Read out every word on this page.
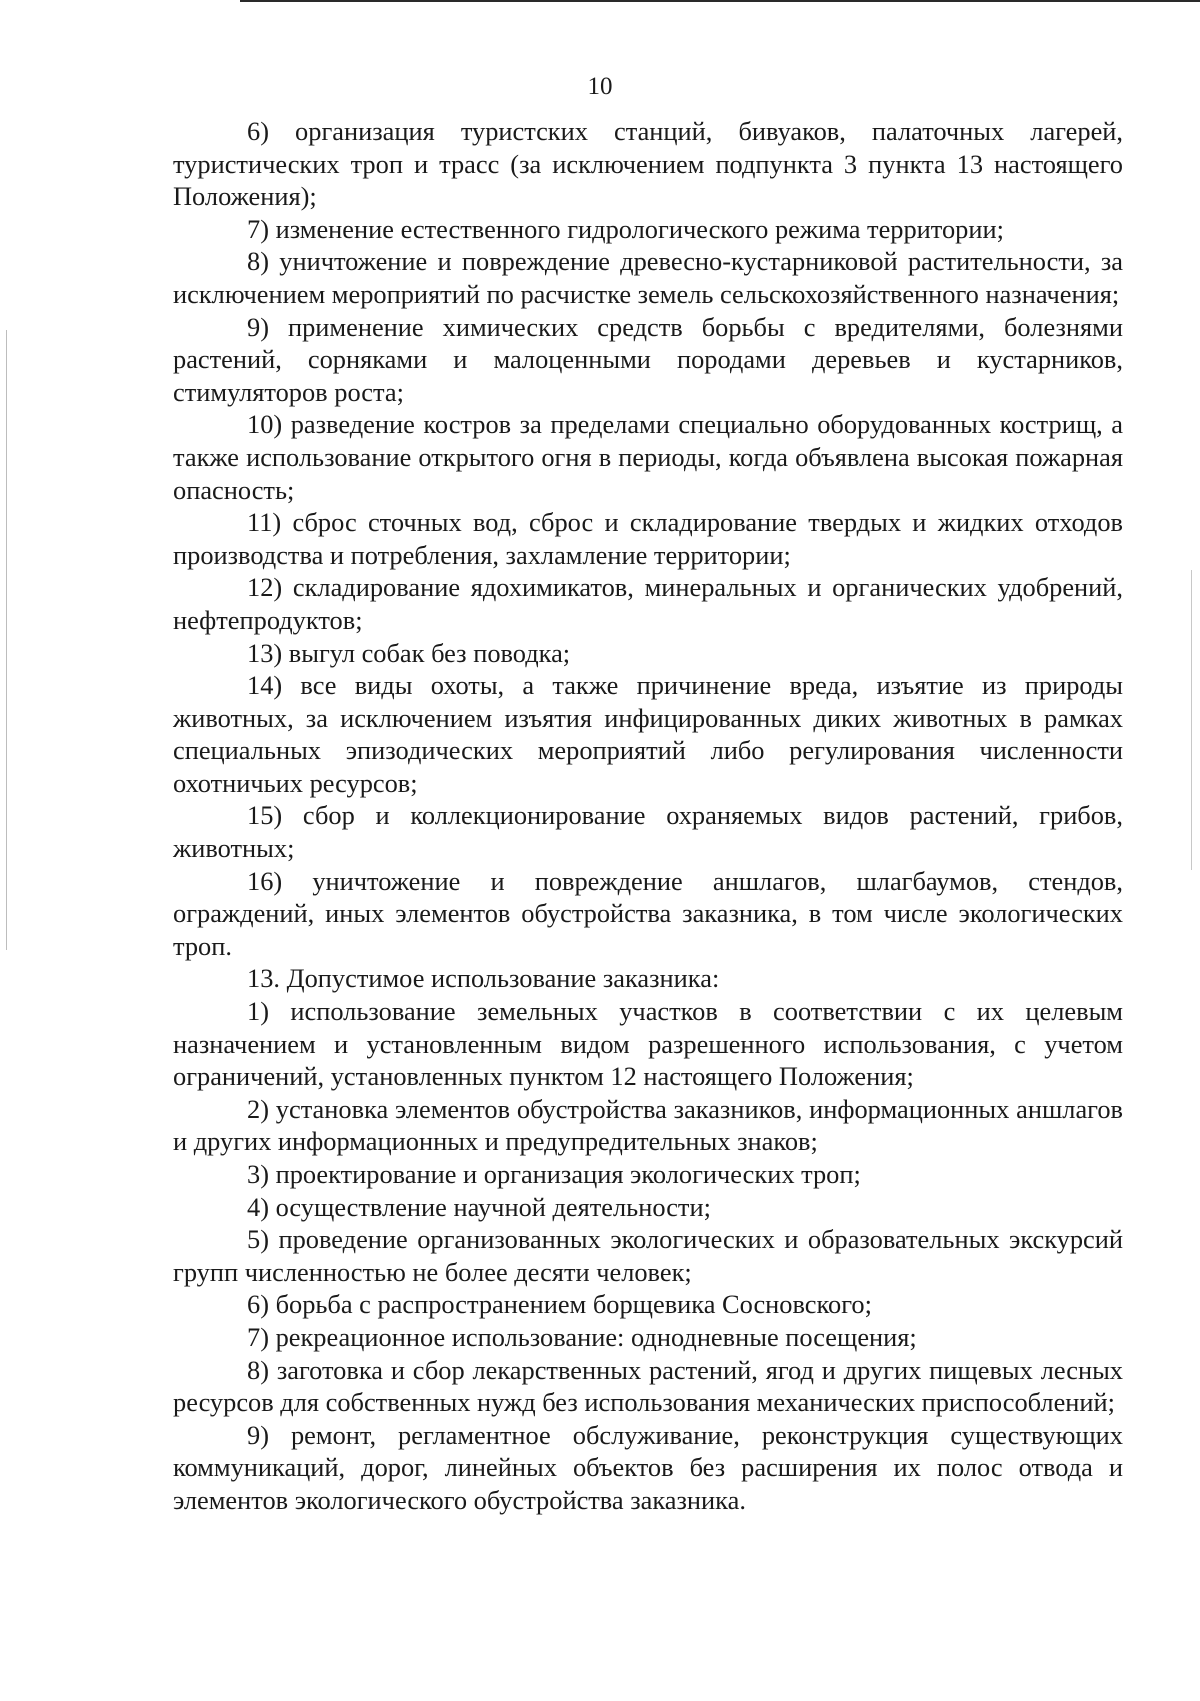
10

6) организация туристских станций, бивуаков, палаточных лагерей, туристических троп и трасс (за исключением подпункта 3 пункта 13 настоящего Положения);

7) изменение естественного гидрологического режима территории;

8) уничтожение и повреждение древесно-кустарниковой растительности, за исключением мероприятий по расчистке земель сельскохозяйственного назначения;

9) применение химических средств борьбы с вредителями, болезнями растений, сорняками и малоценными породами деревьев и кустарников, стимуляторов роста;

10) разведение костров за пределами специально оборудованных кострищ, а также использование открытого огня в периоды, когда объявлена высокая пожарная опасность;

11) сброс сточных вод, сброс и складирование твердых и жидких отходов производства и потребления, захламление территории;

12) складирование ядохимикатов, минеральных и органических удобрений, нефтепродуктов;

13) выгул собак без поводка;

14) все виды охоты, а также причинение вреда, изъятие из природы животных, за исключением изъятия инфицированных диких животных в рамках специальных эпизодических мероприятий либо регулирования численности охотничьих ресурсов;

15) сбор и коллекционирование охраняемых видов растений, грибов, животных;

16) уничтожение и повреждение аншлагов, шлагбаумов, стендов, ограждений, иных элементов обустройства заказника, в том числе экологических троп.

13. Допустимое использование заказника:

1) использование земельных участков в соответствии с их целевым назначением и установленным видом разрешенного использования, с учетом ограничений, установленных пунктом 12 настоящего Положения;

2) установка элементов обустройства заказников, информационных аншлагов и других информационных и предупредительных знаков;

3) проектирование и организация экологических троп;

4) осуществление научной деятельности;

5) проведение организованных экологических и образовательных экскурсий групп численностью не более десяти человек;

6) борьба с распространением борщевика Сосновского;

7) рекреационное использование: однодневные посещения;

8) заготовка и сбор лекарственных растений, ягод и других пищевых лесных ресурсов для собственных нужд без использования механических приспособлений;

9) ремонт, регламентное обслуживание, реконструкция существующих коммуникаций, дорог, линейных объектов без расширения их полос отвода и элементов экологического обустройства заказника.
